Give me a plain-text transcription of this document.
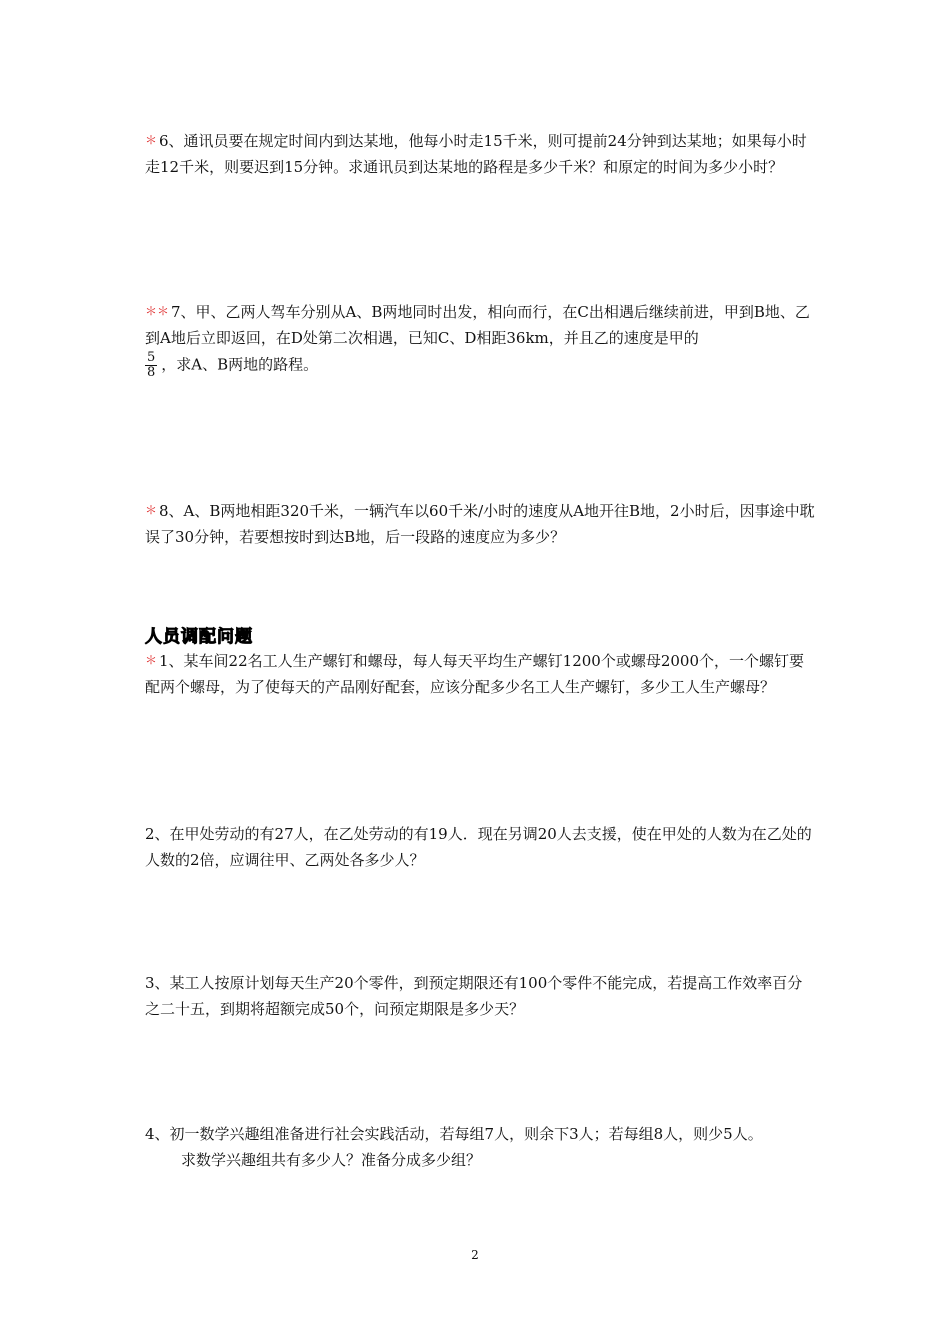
＊ 6、通讯员要在规定时间内到达某地，他每小时走15千米，则可提前24分钟到达某地；如果每小时走12千米，则要迟到15分钟。求通讯员到达某地的路程是多少千米？和原定的时间为多少小时？

＊＊ 7、甲、乙两人驾车分别从A、B两地同时出发，相向而行，在C出相遇后继续前进，甲到B地、乙到A地后立即返回，在D处第二次相遇，已知C、D相距36km，并且乙的速度是甲的

$\frac{5}{8}$ ，求A、B两地的路程。

＊ 8、A、B两地相距320千米，一辆汽车以60千米/小时的速度从A地开往B地，2小时后，因事途中耽误了30分钟，若要想按时到达B地，后一段路的速度应为多少？

人员调配问题

＊ 1、某车间22名工人生产螺钉和螺母，每人每天平均生产螺钉1200个或螺母2000个，一个螺钉要配两个螺母，为了使每天的产品刚好配套，应该分配多少名工人生产螺钉，多少工人生产螺母？

2、在甲处劳动的有27人，在乙处劳动的有19人．现在另调20人去支援，使在甲处的人数为在乙处的人数的2倍，应调往甲、乙两处各多少人？

3、某工人按原计划每天生产20个零件，到预定期限还有100个零件不能完成，若提高工作效率百分之二十五，到期将超额完成50个，问预定期限是多少天？

4、初一数学兴趣组准备进行社会实践活动，若每组7人，则余下3人；若每组8人，则少5人。
求数学兴趣组共有多少人？准备分成多少组？

2
